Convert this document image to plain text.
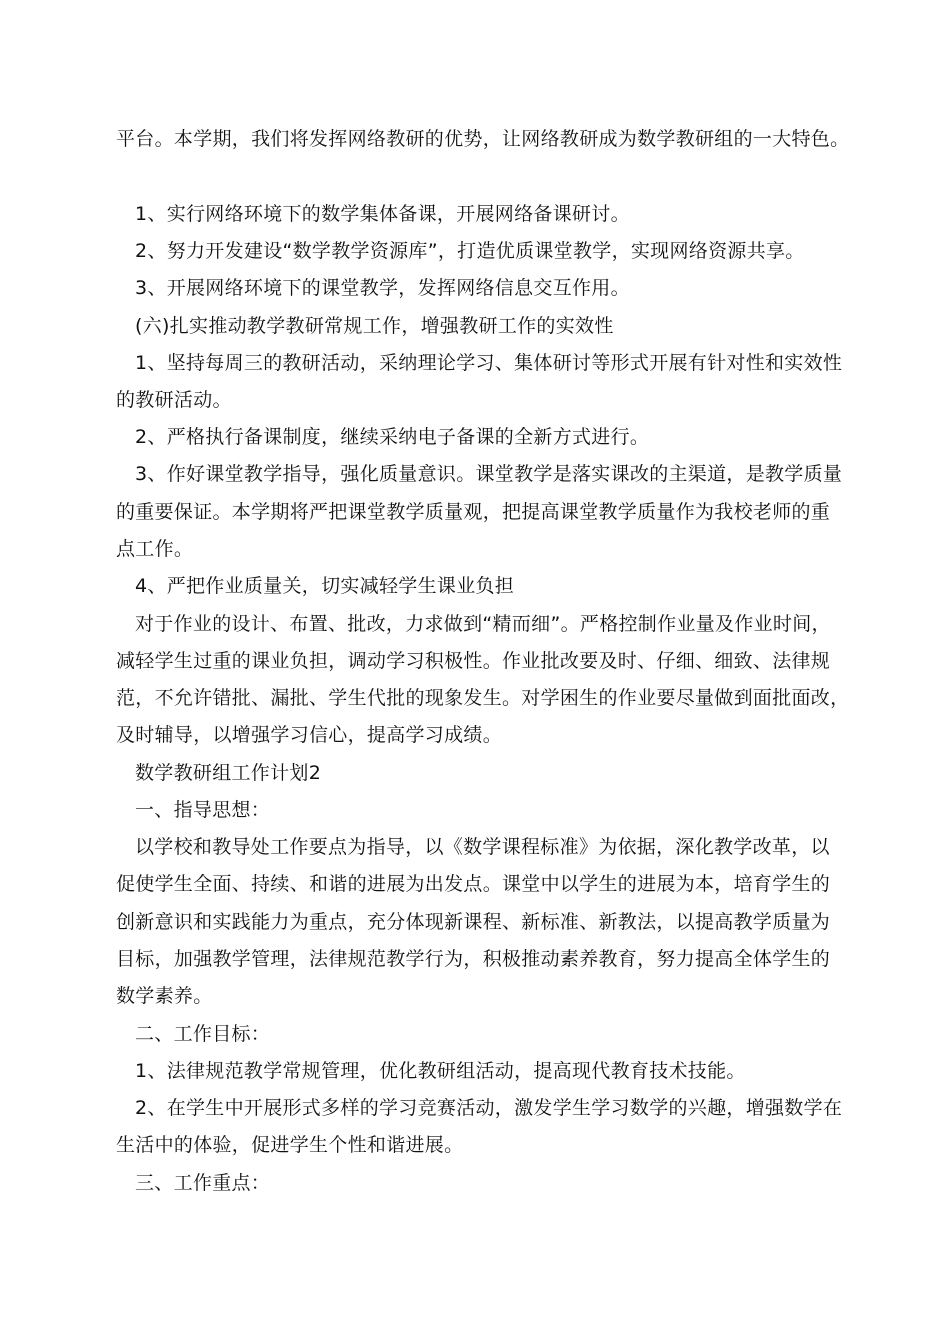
平台。本学期，我们将发挥网络教研的优势，让网络教研成为数学教研组的一大特色。
1、实行网络环境下的数学集体备课，开展网络备课研讨。
2、努力开发建设“数学教学资源库”，打造优质课堂教学，实现网络资源共享。
3、开展网络环境下的课堂教学，发挥网络信息交互作用。
(六)扎实推动教学教研常规工作，增强教研工作的实效性
1、坚持每周三的教研活动，采纳理论学习、集体研讨等形式开展有针对性和实效性
的教研活动。
2、严格执行备课制度，继续采纳电子备课的全新方式进行。
3、作好课堂教学指导，强化质量意识。课堂教学是落实课改的主渠道，是教学质量
的重要保证。本学期将严把课堂教学质量观，把提高课堂教学质量作为我校老师的重
点工作。
4、严把作业质量关，切实减轻学生课业负担
对于作业的设计、布置、批改，力求做到“精而细”。严格控制作业量及作业时间，
减轻学生过重的课业负担，调动学习积极性。作业批改要及时、仔细、细致、法律规
范，不允许错批、漏批、学生代批的现象发生。对学困生的作业要尽量做到面批面改，
及时辅导，以增强学习信心，提高学习成绩。
数学教研组工作计划2
一、指导思想：
以学校和教导处工作要点为指导，以《数学课程标准》为依据，深化教学改革，以
促使学生全面、持续、和谐的进展为出发点。课堂中以学生的进展为本，培育学生的
创新意识和实践能力为重点，充分体现新课程、新标准、新教法，以提高教学质量为
目标，加强教学管理，法律规范教学行为，积极推动素养教育，努力提高全体学生的
数学素养。
二、工作目标：
1、法律规范教学常规管理，优化教研组活动，提高现代教育技术技能。
2、在学生中开展形式多样的学习竞赛活动，激发学生学习数学的兴趣，增强数学在
生活中的体验，促进学生个性和谐进展。
三、工作重点：
